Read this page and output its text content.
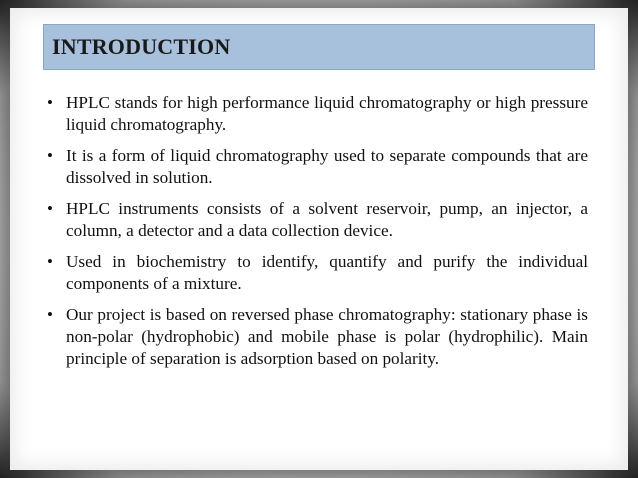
INTRODUCTION
• HPLC stands for high performance liquid chromatography or high pressure liquid chromatography.
• It is a form of liquid chromatography used to separate compounds that are dissolved in solution.
• HPLC instruments consists of a solvent reservoir, pump, an injector, a column, a detector and a data collection device.
• Used in biochemistry to identify, quantify and purify the individual components of a mixture.
• Our project is based on reversed phase chromatography: stationary phase is non-polar (hydrophobic) and mobile phase is polar (hydrophilic). Main principle of separation is adsorption based on polarity.
